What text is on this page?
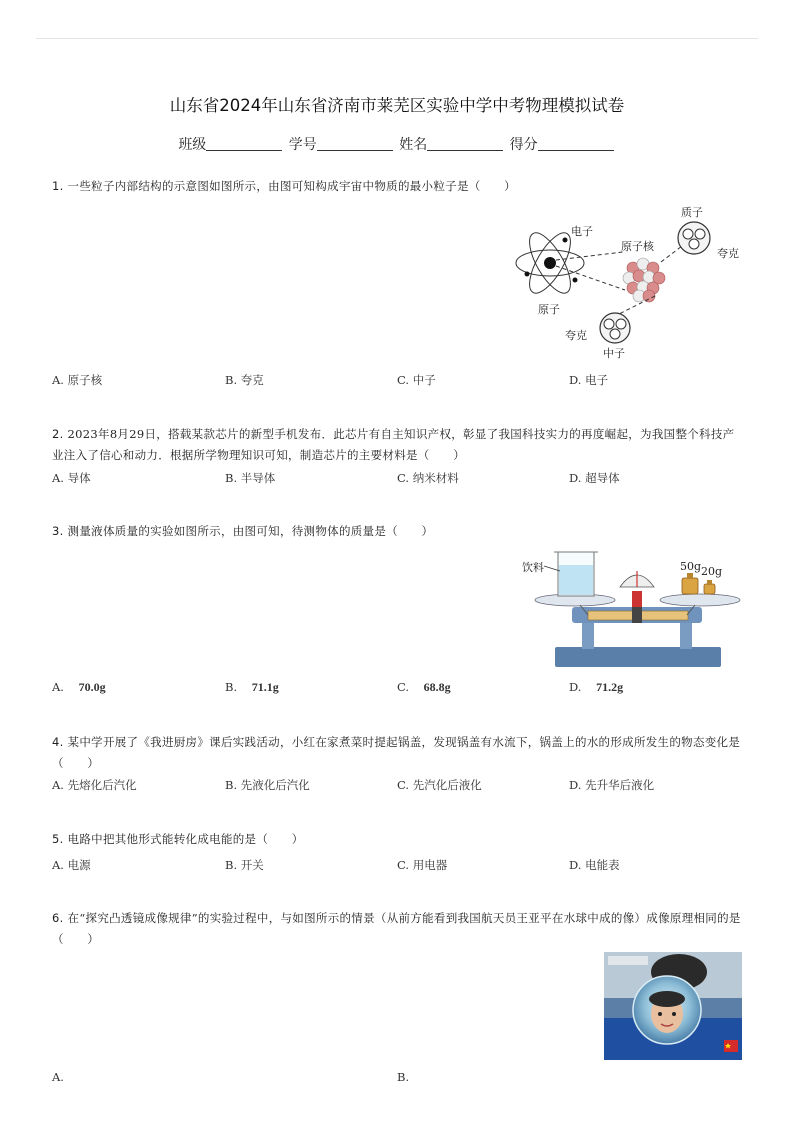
山东省2024年山东省济南市莱芜区实验中学中考物理模拟试卷
班级	学号	姓名	得分
1. 一些粒子内部结构的示意图如图所示，由图可知构成宇宙中物质的最小粒子是（　　）
电子
原子核
质子
夸克
原子
夸克
中子
A. 原子核	B. 夸克	C. 中子	D. 电子
2. 2023年8月29日，搭载某款芯片的新型手机发布．此芯片有自主知识产权，彰显了我国科技实力的再度崛起，为我国整个科技产业注入了信心和动力．根据所学物理知识可知，制造芯片的主要材料是（　　）
A. 导体	B. 半导体	C. 纳米材料	D. 超导体
3. 测量液体质量的实验如图所示，由图可知，待测物体的质量是（　　）
饮料	50g 20g
A. 70.0g	B. 71.1g	C. 68.8g	D. 71.2g
4. 某中学开展了《我进厨房》课后实践活动，小红在家煮菜时提起锅盖，发现锅盖有水流下，锅盖上的水的形成所发生的物态变化是（　　）
A. 先熔化后汽化	B. 先液化后汽化	C. 先汽化后液化	D. 先升华后液化
5. 电路中把其他形式能转化成电能的是（　　）
A. 电源	B. 开关	C. 用电器	D. 电能表
6. 在“探究凸透镜成像规律”的实验过程中，与如图所示的情景（从前方能看到我国航天员王亚平在水球中成的像）成像原理相同的是（　　）
A.	B.
